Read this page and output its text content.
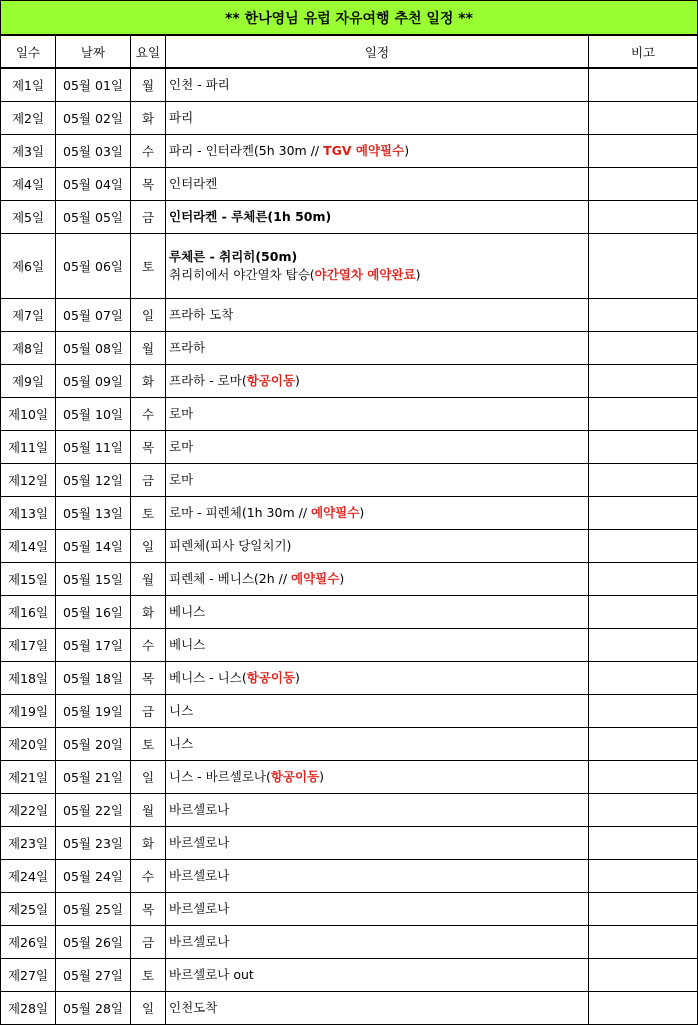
** 한나영님 유럽 자유여행 추천 일정 **				
일수	날짜	요일	일정	비고
제1일	05월 01일	월	인천 - 파리	
제2일	05월 02일	화	파리	
제3일	05월 03일	수	파리 - 인터라켄(5h 30m // TGV 예약필수)	
제4일	05월 04일	목	인터라켄	
제5일	05월 05일	금	인터라켄 - 루체른(1h 50m)	
제6일	05월 06일	토	루체른 - 취리히(50m)
취리히에서 야간열차 탑승(야간열차 예약완료)	
제7일	05월 07일	일	프라하 도착	
제8일	05월 08일	월	프라하	
제9일	05월 09일	화	프라하 - 로마(항공이동)	
제10일	05월 10일	수	로마	
제11일	05월 11일	목	로마	
제12일	05월 12일	금	로마	
제13일	05월 13일	토	로마 - 피렌체(1h 30m // 예약필수)	
제14일	05월 14일	일	피렌체(피사 당일치기)	
제15일	05월 15일	월	피렌체 - 베니스(2h // 예약필수)	
제16일	05월 16일	화	베니스	
제17일	05월 17일	수	베니스	
제18일	05월 18일	목	베니스 - 니스(항공이동)	
제19일	05월 19일	금	니스	
제20일	05월 20일	토	니스	
제21일	05월 21일	일	니스 - 바르셀로나(항공이동)	
제22일	05월 22일	월	바르셀로나	
제23일	05월 23일	화	바르셀로나	
제24일	05월 24일	수	바르셀로나	
제25일	05월 25일	목	바르셀로나	
제26일	05월 26일	금	바르셀로나	
제27일	05월 27일	토	바르셀로나 out	
제28일	05월 28일	일	인천도착	
